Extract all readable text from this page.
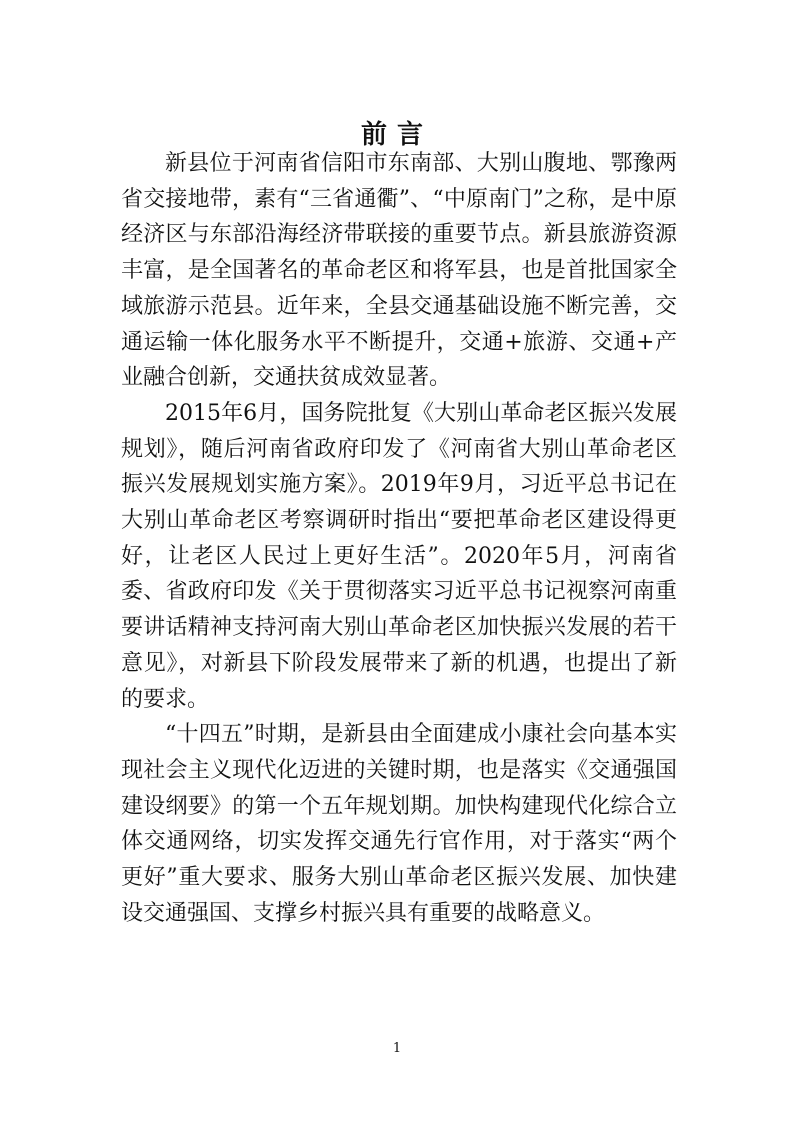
前言

新县位于河南省信阳市东南部、大别山腹地、鄂豫两省交接地带，素有“三省通衢”、“中原南门”之称，是中原经济区与东部沿海经济带联接的重要节点。新县旅游资源丰富，是全国著名的革命老区和将军县，也是首批国家全域旅游示范县。近年来，全县交通基础设施不断完善，交通运输一体化服务水平不断提升，交通+旅游、交通+产业融合创新，交通扶贫成效显著。

2015年6月，国务院批复《大别山革命老区振兴发展规划》，随后河南省政府印发了《河南省大别山革命老区振兴发展规划实施方案》。2019年9月，习近平总书记在大别山革命老区考察调研时指出“要把革命老区建设得更好，让老区人民过上更好生活”。2020年5月，河南省委、省政府印发《关于贯彻落实习近平总书记视察河南重要讲话精神支持河南大别山革命老区加快振兴发展的若干意见》，对新县下阶段发展带来了新的机遇，也提出了新的要求。

“十四五”时期，是新县由全面建成小康社会向基本实现社会主义现代化迈进的关键时期，也是落实《交通强国建设纲要》的第一个五年规划期。加快构建现代化综合立体交通网络，切实发挥交通先行官作用，对于落实“两个更好”重大要求、服务大别山革命老区振兴发展、加快建设交通强国、支撑乡村振兴具有重要的战略意义。

1
